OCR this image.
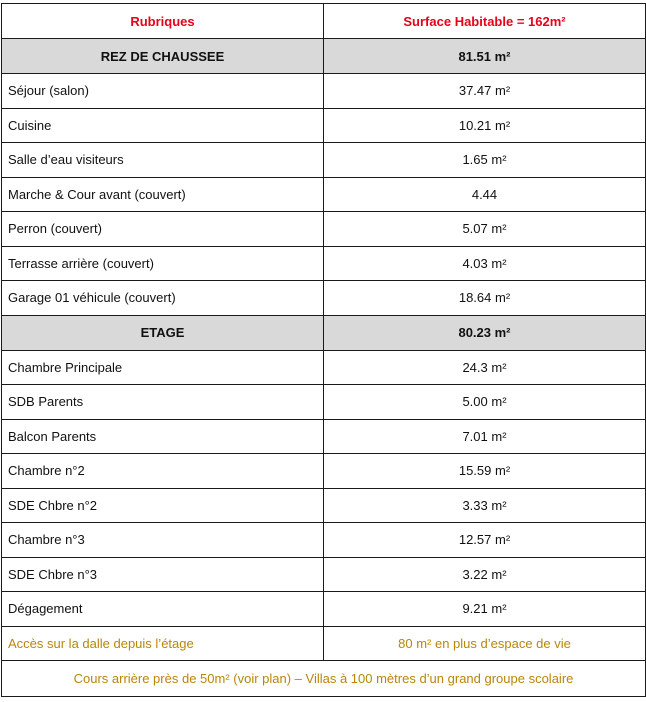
Rubriques	Surface Habitable = 162m²
REZ DE CHAUSSEE	81.51 m²
Séjour (salon)	37.47 m²
Cuisine	10.21 m²
Salle d’eau visiteurs	1.65 m²
Marche & Cour avant (couvert)	4.44
Perron (couvert)	5.07 m²
Terrasse arrière (couvert)	4.03 m²
Garage 01 véhicule (couvert)	18.64 m²
ETAGE	80.23 m²
Chambre Principale	24.3 m²
SDB Parents	5.00 m²
Balcon Parents	7.01 m²
Chambre n°2	15.59 m²
SDE Chbre n°2	3.33 m²
Chambre n°3	12.57 m²
SDE Chbre n°3	3.22 m²
Dégagement	9.21 m²
Accès sur la dalle depuis l’étage	80 m² en plus d’espace de vie
Cours arrière près de 50m² (voir plan) – Villas à 100 mètres d’un grand groupe scolaire	
